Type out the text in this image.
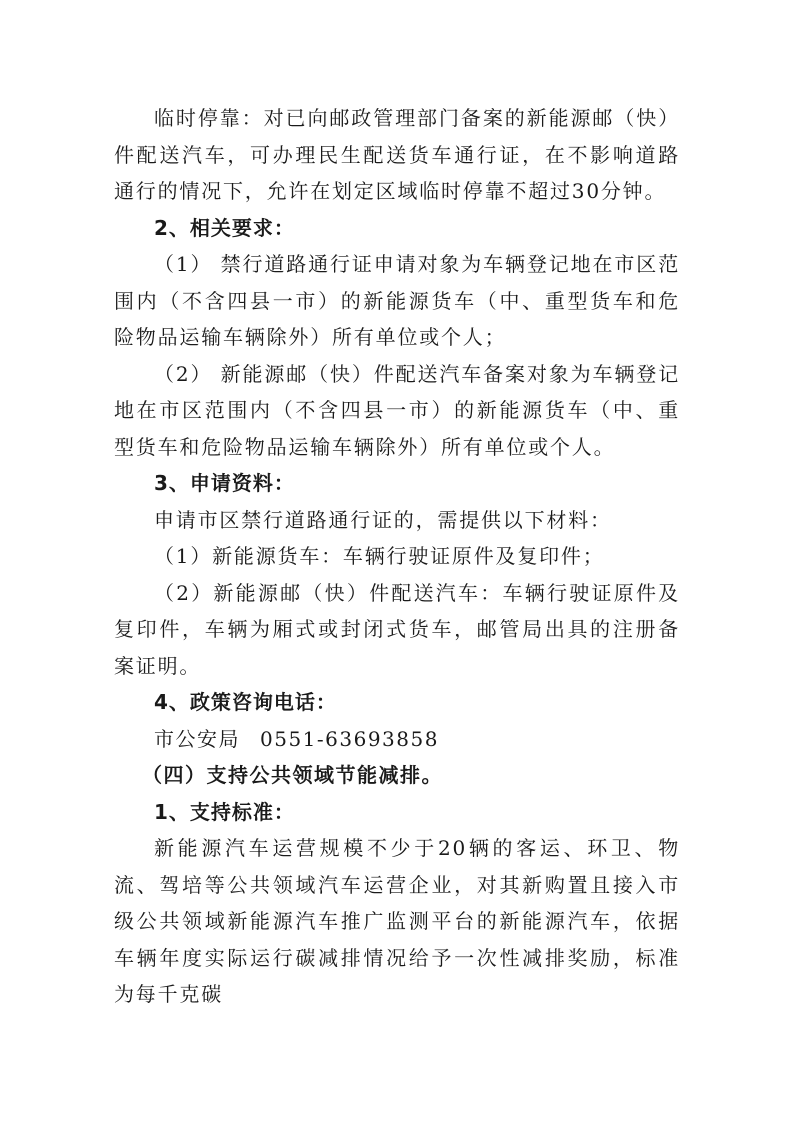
临时停靠：对已向邮政管理部门备案的新能源邮（快）件配送汽车，可办理民生配送货车通行证，在不影响道路通行的情况下，允许在划定区域临时停靠不超过30分钟。

2、相关要求：

（1） 禁行道路通行证申请对象为车辆登记地在市区范围内（不含四县一市）的新能源货车（中、重型货车和危险物品运输车辆除外）所有单位或个人；

（2） 新能源邮（快）件配送汽车备案对象为车辆登记地在市区范围内（不含四县一市）的新能源货车（中、重型货车和危险物品运输车辆除外）所有单位或个人。

3、申请资料：

申请市区禁行道路通行证的，需提供以下材料：

（1）新能源货车：车辆行驶证原件及复印件；

（2）新能源邮（快）件配送汽车：车辆行驶证原件及复印件，车辆为厢式或封闭式货车，邮管局出具的注册备案证明。

4、政策咨询电话：

市公安局 0551-63693858

（四）支持公共领域节能减排。

1、支持标准：

新能源汽车运营规模不少于20辆的客运、环卫、物流、驾培等公共领域汽车运营企业，对其新购置且接入市级公共领域新能源汽车推广监测平台的新能源汽车，依据车辆年度实际运行碳减排情况给予一次性减排奖励，标准为每千克碳
